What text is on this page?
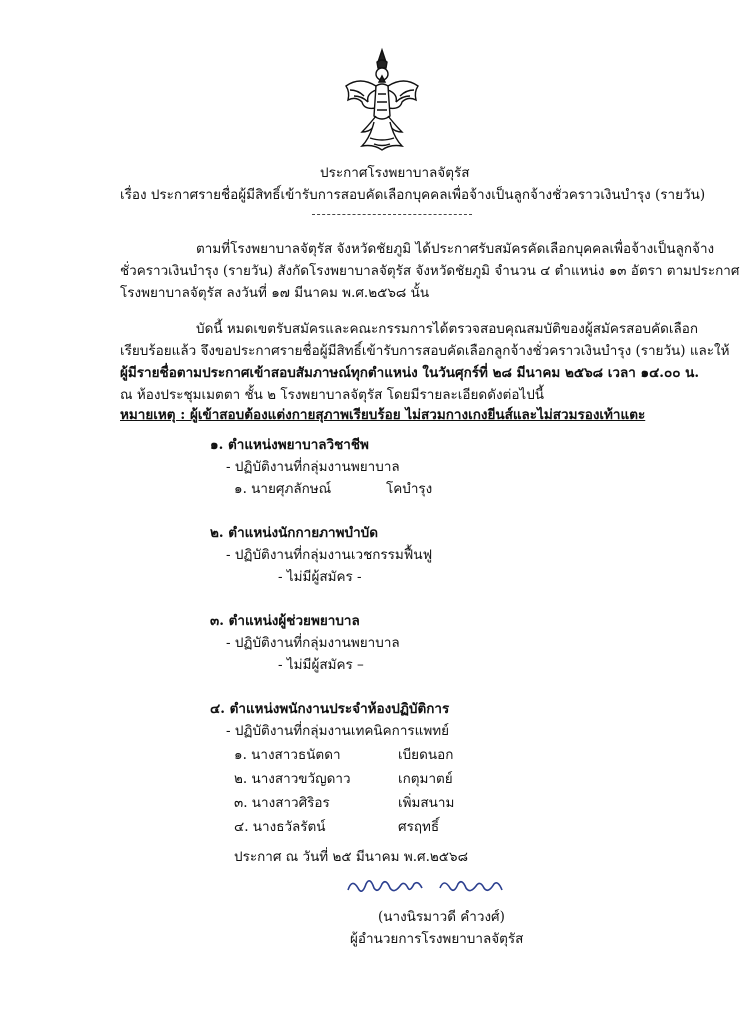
ประกาศโรงพยาบาลจัตุรัส
เรื่อง ประกาศรายชื่อผู้มีสิทธิ์เข้ารับการสอบคัดเลือกบุคคลเพื่อจ้างเป็นลูกจ้างชั่วคราวเงินบำรุง (รายวัน)
ตามที่โรงพยาบาลจัตุรัส จังหวัดชัยภูมิ ได้ประกาศรับสมัครคัดเลือกบุคคลเพื่อจ้างเป็นลูกจ้าง
ชั่วคราวเงินบำรุง (รายวัน) สังกัดโรงพยาบาลจัตุรัส จังหวัดชัยภูมิ จำนวน ๔ ตำแหน่ง ๑๓ อัตรา ตามประกาศ
โรงพยาบาลจัตุรัส ลงวันที่ ๑๗ มีนาคม พ.ศ.๒๕๖๘ นั้น
บัดนี้ หมดเขตรับสมัครและคณะกรรมการได้ตรวจสอบคุณสมบัติของผู้สมัครสอบคัดเลือก
เรียบร้อยแล้ว จึงขอประกาศรายชื่อผู้มีสิทธิ์เข้ารับการสอบคัดเลือกลูกจ้างชั่วคราวเงินบำรุง (รายวัน) และให้
ผู้มีรายชื่อตามประกาศเข้าสอบสัมภาษณ์ทุกตำแหน่ง ในวันศุกร์ที่ ๒๘ มีนาคม ๒๕๖๘ เวลา ๑๔.๐๐ น.
ณ ห้องประชุมเมตตา ชั้น ๒ โรงพยาบาลจัตุรัส โดยมีรายละเอียดดังต่อไปนี้
หมายเหตุ : ผู้เข้าสอบต้องแต่งกายสุภาพเรียบร้อย ไม่สวมกางเกงยีนส์และไม่สวมรองเท้าแตะ
๑. ตำแหน่งพยาบาลวิชาชีพ
- ปฏิบัติงานที่กลุ่มงานพยาบาล
๑. นายศุภลักษณ์	โคบำรุง
๒. ตำแหน่งนักกายภาพบำบัด
- ปฏิบัติงานที่กลุ่มงานเวชกรรมฟื้นฟู
- ไม่มีผู้สมัคร -
๓. ตำแหน่งผู้ช่วยพยาบาล
- ปฏิบัติงานที่กลุ่มงานพยาบาล
- ไม่มีผู้สมัคร –
๔. ตำแหน่งพนักงานประจำห้องปฏิบัติการ
- ปฏิบัติงานที่กลุ่มงานเทคนิคการแพทย์
๑. นางสาวธนัตดา	เบียดนอก
๒. นางสาวขวัญดาว	เกตุมาตย์
๓. นางสาวศิริอร	เพิ่มสนาม
๔. นางธวัลรัตน์	ศรฤทธิ์
ประกาศ ณ วันที่ ๒๕ มีนาคม พ.ศ.๒๕๖๘
(นางนิรมาวดี คำวงศ์)
ผู้อำนวยการโรงพยาบาลจัตุรัส
